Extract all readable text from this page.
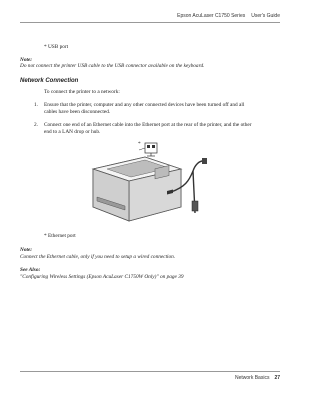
Epson AcuLaser C1750 Series User's Guide
* USB port
Note:
Do not connect the printer USB cable to the USB connector available on the keyboard.
Network Connection
To connect the printer to a network:
1. Ensure that the printer, computer and any other connected devices have been turned off and all
cables have been disconnected.
2. Connect one end of an Ethernet cable into the Ethernet port at the rear of the printer, and the other
end to a LAN drop or hub.
*
* Ethernet port
Note:
Connect the Ethernet cable, only if you need to setup a wired connection.
See Also:
"Configuring Wireless Settings (Epson AcuLaser C1750W Only)" on page 39
Network Basics 27
